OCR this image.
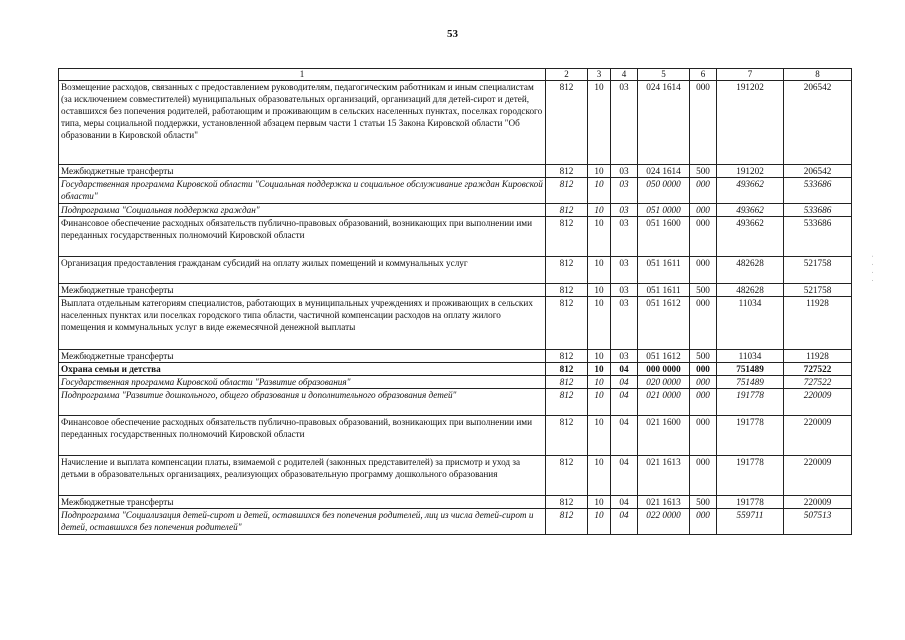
53
1	2	3	4	5	6	7	8
Возмещение расходов, связанных с предоставлением руководителям, педагогическим работникам и иным специалистам (за исключением совместителей) муниципальных образовательных организаций, организаций для детей-сирот и детей, оставшихся без попечения родителей, работающим и проживающим в сельских населенных пунктах, поселках городского типа, меры социальной поддержки, установленной абзацем первым части 1 статьи 15 Закона Кировской области "Об образовании в Кировской области"	812	10	03	024 1614	000	191202	206542
Межбюджетные трансферты	812	10	03	024 1614	500	191202	206542
Государственная программа Кировской области "Социальная поддержка и социальное обслуживание граждан Кировской области"	812	10	03	050 0000	000	493662	533686
Подпрограмма "Социальная поддержка граждан"	812	10	03	051 0000	000	493662	533686
Финансовое обеспечение расходных обязательств публично-правовых образований, возникающих при выполнении ими переданных государственных полномочий Кировской области	812	10	03	051 1600	000	493662	533686
Организация предоставления гражданам субсидий на оплату жилых помещений и коммунальных услуг	812	10	03	051 1611	000	482628	521758
Межбюджетные трансферты	812	10	03	051 1611	500	482628	521758
Выплата отдельным категориям специалистов, работающих в муниципальных учреждениях и проживающих в сельских населенных пунктах или поселках городского типа области, частичной компенсации расходов на оплату жилого помещения и коммунальных услуг в виде ежемесячной денежной выплаты	812	10	03	051 1612	000	11034	11928
Межбюджетные трансферты	812	10	03	051 1612	500	11034	11928
Охрана семьи и детства	812	10	04	000 0000	000	751489	727522
Государственная программа Кировской области "Развитие образования"	812	10	04	020 0000	000	751489	727522
Подпрограмма "Развитие дошкольного, общего образования и дополнительного образования детей"	812	10	04	021 0000	000	191778	220009
Финансовое обеспечение расходных обязательств публично-правовых образований, возникающих при выполнении ими переданных государственных полномочий Кировской области	812	10	04	021 1600	000	191778	220009
Начисление и выплата компенсации платы, взимаемой с родителей (законных представителей) за присмотр и уход за детьми в образовательных организациях, реализующих образовательную программу дошкольного образования	812	10	04	021 1613	000	191778	220009
Межбюджетные трансферты	812	10	04	021 1613	500	191778	220009
Подпрограмма "Социализация детей-сирот и детей, оставшихся без попечения родителей, лиц из числа детей-сирот и детей, оставшихся без попечения родителей"	812	10	04	022 0000	000	559711	507513
· · · ·
